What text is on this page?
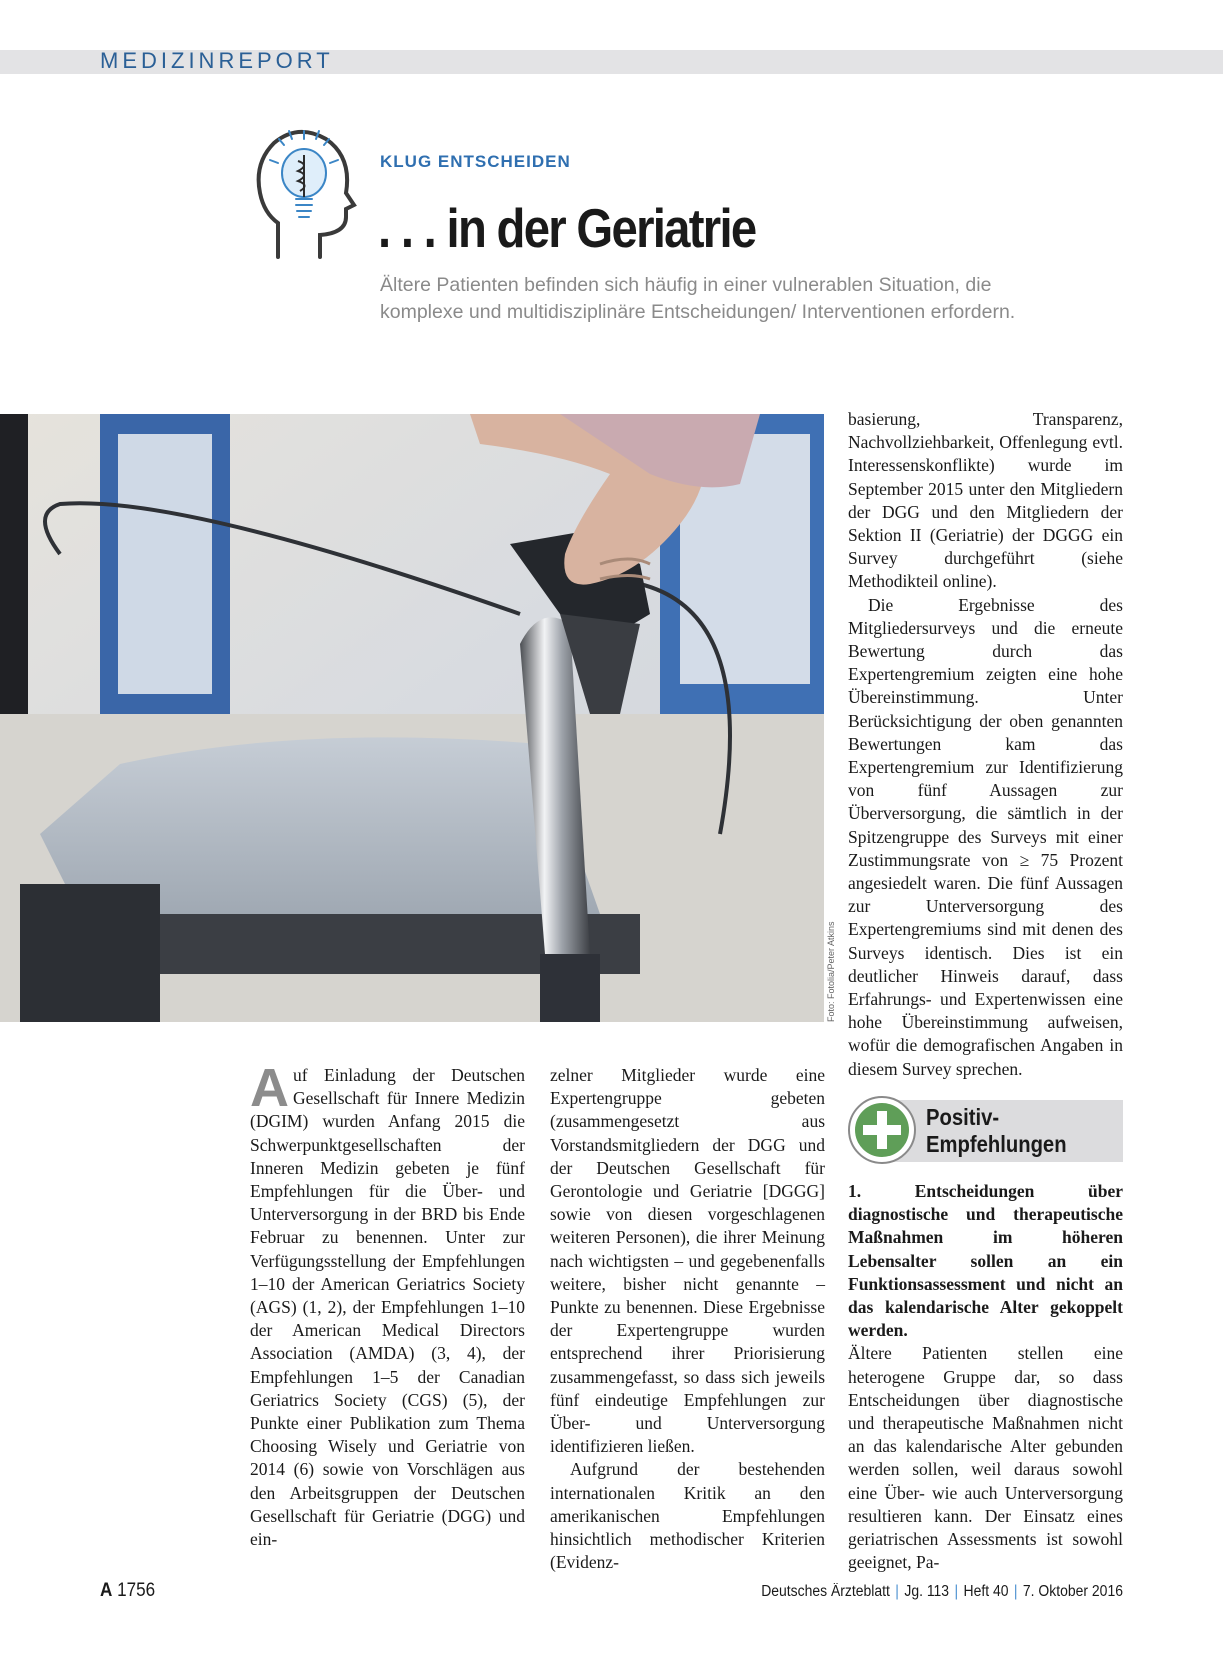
MEDIZINREPORT
KLUG ENTSCHEIDEN
. . . in der Geriatrie
Ältere Patienten befinden sich häufig in einer vulnerablen Situation, die komplexe und multidisziplinäre Entscheidungen/ Interventionen erfordern.
Foto: Fotolia/Peter Atkins

Auf Einladung der Deutschen Gesellschaft für Innere Medizin (DGIM) wurden Anfang 2015 die Schwerpunktgesellschaften der Inneren Medizin gebeten je fünf Empfehlungen für die Über- und Unterversorgung in der BRD bis Ende Februar zu benennen. Unter zur Verfügungsstellung der Empfehlungen 1–10 der American Geriatrics Society (AGS) (1, 2), der Empfehlungen 1–10 der American Medical Directors Association (AMDA) (3, 4), der Empfehlungen 1–5 der Canadian Geriatrics Society (CGS) (5), der Punkte einer Publikation zum Thema Choosing Wisely und Geriatrie von 2014 (6) sowie von Vorschlägen aus den Arbeitsgruppen der Deutschen Gesellschaft für Geriatrie (DGG) und ein-

zelner Mitglieder wurde eine Expertengruppe gebeten (zusammengesetzt aus Vorstandsmitgliedern der DGG und der Deutschen Gesellschaft für Gerontologie und Geriatrie [DGGG] sowie von diesen vorgeschlagenen weiteren Personen), die ihrer Meinung nach wichtigsten – und gegebenenfalls weitere, bisher nicht genannte – Punkte zu benennen. Diese Ergebnisse der Expertengruppe wurden entsprechend ihrer Priorisierung zusammengefasst, so dass sich jeweils fünf eindeutige Empfehlungen zur Über- und Unterversorgung identifizieren ließen.

Aufgrund der bestehenden internationalen Kritik an den amerikanischen Empfehlungen hinsichtlich methodischer Kriterien (Evidenz-

basierung, Transparenz, Nachvollziehbarkeit, Offenlegung evtl. Interessenskonflikte) wurde im September 2015 unter den Mitgliedern der DGG und den Mitgliedern der Sektion II (Geriatrie) der DGGG ein Survey durchgeführt (siehe Methodikteil online).

Die Ergebnisse des Mitgliedersurveys und die erneute Bewertung durch das Expertengremium zeigten eine hohe Übereinstimmung. Unter Berücksichtigung der oben genannten Bewertungen kam das Expertengremium zur Identifizierung von fünf Aussagen zur Überversorgung, die sämtlich in der Spitzengruppe des Surveys mit einer Zustimmungsrate von ≥ 75 Prozent angesiedelt waren. Die fünf Aussagen zur Unterversorgung des Expertengremiums sind mit denen des Surveys identisch. Dies ist ein deutlicher Hinweis darauf, dass Erfahrungs- und Expertenwissen eine hohe Übereinstimmung aufweisen, wofür die demografischen Angaben in diesem Survey sprechen.

Positiv-
Empfehlungen

1. Entscheidungen über diagnostische und therapeutische Maßnahmen im höheren Lebensalter sollen an ein Funktionsassessment und nicht an das kalendarische Alter gekoppelt werden.

Ältere Patienten stellen eine heterogene Gruppe dar, so dass Entscheidungen über diagnostische und therapeutische Maßnahmen nicht an das kalendarische Alter gebunden werden sollen, weil daraus sowohl eine Über- wie auch Unterversorgung resultieren kann. Der Einsatz eines geriatrischen Assessments ist sowohl geeignet, Pa-

A 1756	Deutsches Ärzteblatt | Jg. 113 | Heft 40 | 7. Oktober 2016
